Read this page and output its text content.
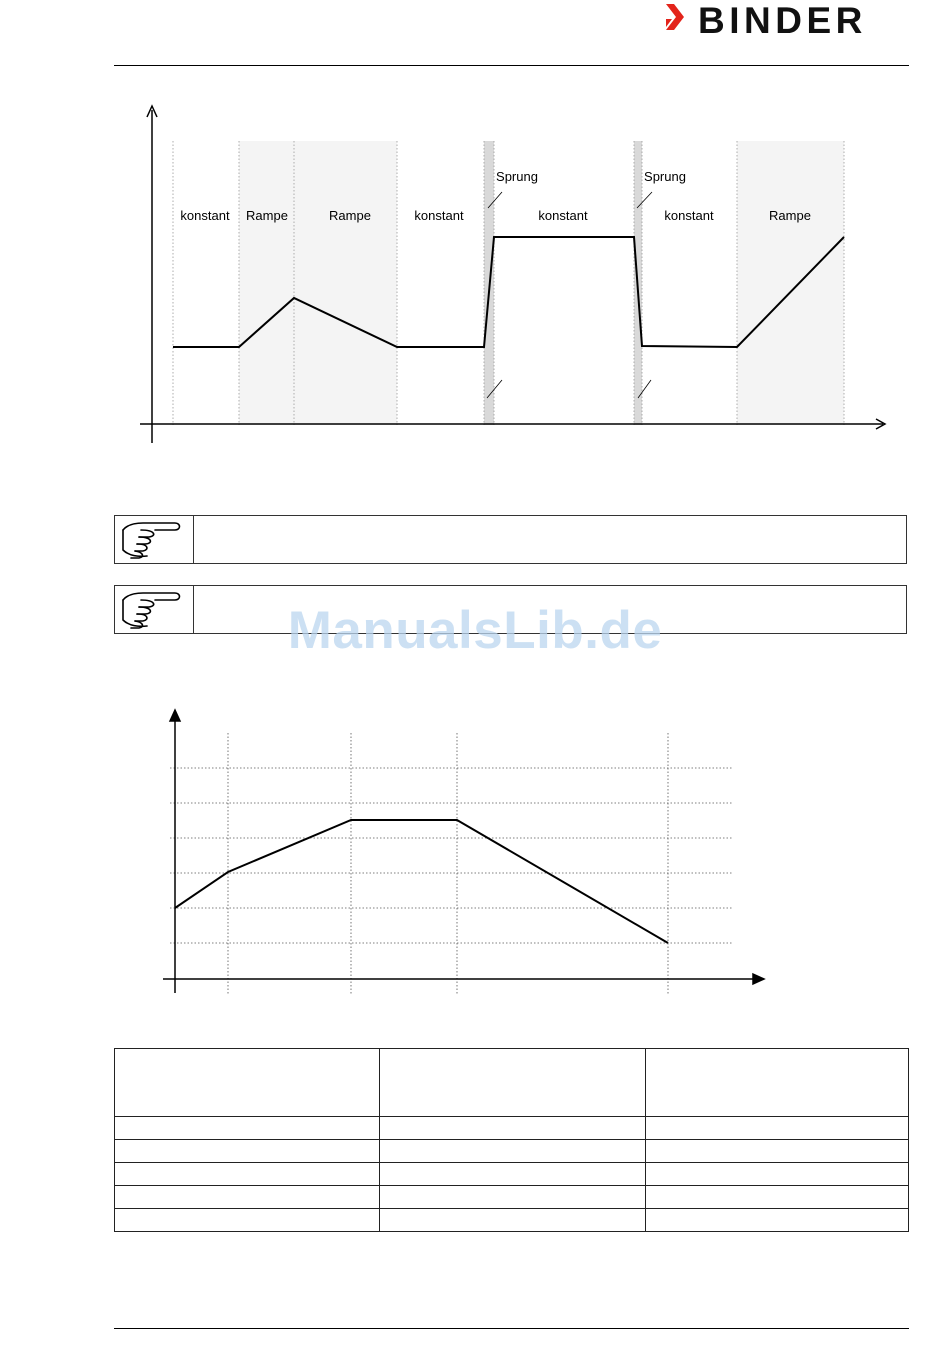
BINDER
konstant Rampe	Rampe	konstant
Sprung
konstant
Sprung
konstant	Rampe
ManualsLib.de
